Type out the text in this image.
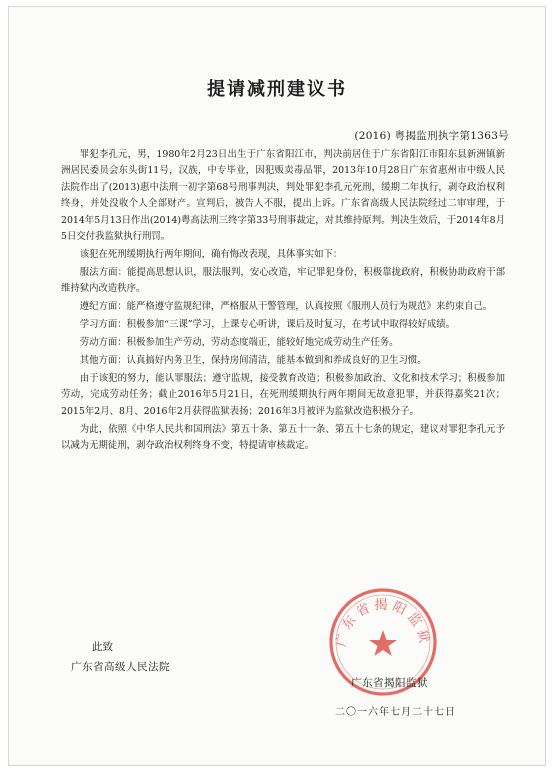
提请减刑建议书
(2016) 粤揭监刑执字第1363号

罪犯李孔元，男，1980年2月23日出生于广东省阳江市，判决前居住于广东省阳江市阳东县新洲镇新洲居民委员会东头街11号，汉族，中专毕业，因犯贩卖毒品罪，2013年10月28日广东省惠州市中级人民法院作出了(2013)惠中法刑一初字第68号刑事判决，判处罪犯李孔元死刑，缓期二年执行，剥夺政治权利终身，并处没收个人全部财产。宣判后，被告人不服，提出上诉。广东省高级人民法院经过二审审理，于2014年5月13日作出(2014)粤高法刑三终字第33号刑事裁定，对其维持原判。判决生效后，于2014年8月5日交付我监狱执行刑罚。

该犯在死刑缓期执行两年期间，确有悔改表现，具体事实如下：

服法方面：能提高思想认识，服法服判，安心改造，牢记罪犯身份，积极靠拢政府，积极协助政府干部维持狱内改造秩序。

遵纪方面：能严格遵守监规纪律，严格服从干警管理，认真按照《服刑人员行为规范》来约束自己。

学习方面：积极参加“三课”学习，上课专心听讲，课后及时复习，在考试中取得较好成绩。

劳动方面：积极参加生产劳动，劳动态度端正，能较好地完成劳动生产任务。

其他方面：认真搞好内务卫生，保持房间清洁，能基本做到和养成良好的卫生习惯。

由于该犯的努力，能认罪服法；遵守监规，接受教育改造；积极参加政治、文化和技术学习；积极参加劳动，完成劳动任务；截止2016年5月21日，在死刑缓期执行两年期间无故意犯罪，并获得嘉奖21次；2015年2月、8月、2016年2月获得监狱表扬；2016年3月被评为监狱改造积极分子。

为此，依照《中华人民共和国刑法》第五十条、第五十一条、第五十七条的规定，建议对罪犯李孔元予以减为无期徒刑，剥夺政治权利终身不变，特提请审核裁定。

此致
广东省高级人民法院
广东省揭阳监狱
广东省揭阳监狱
二〇一六年七月二十七日
